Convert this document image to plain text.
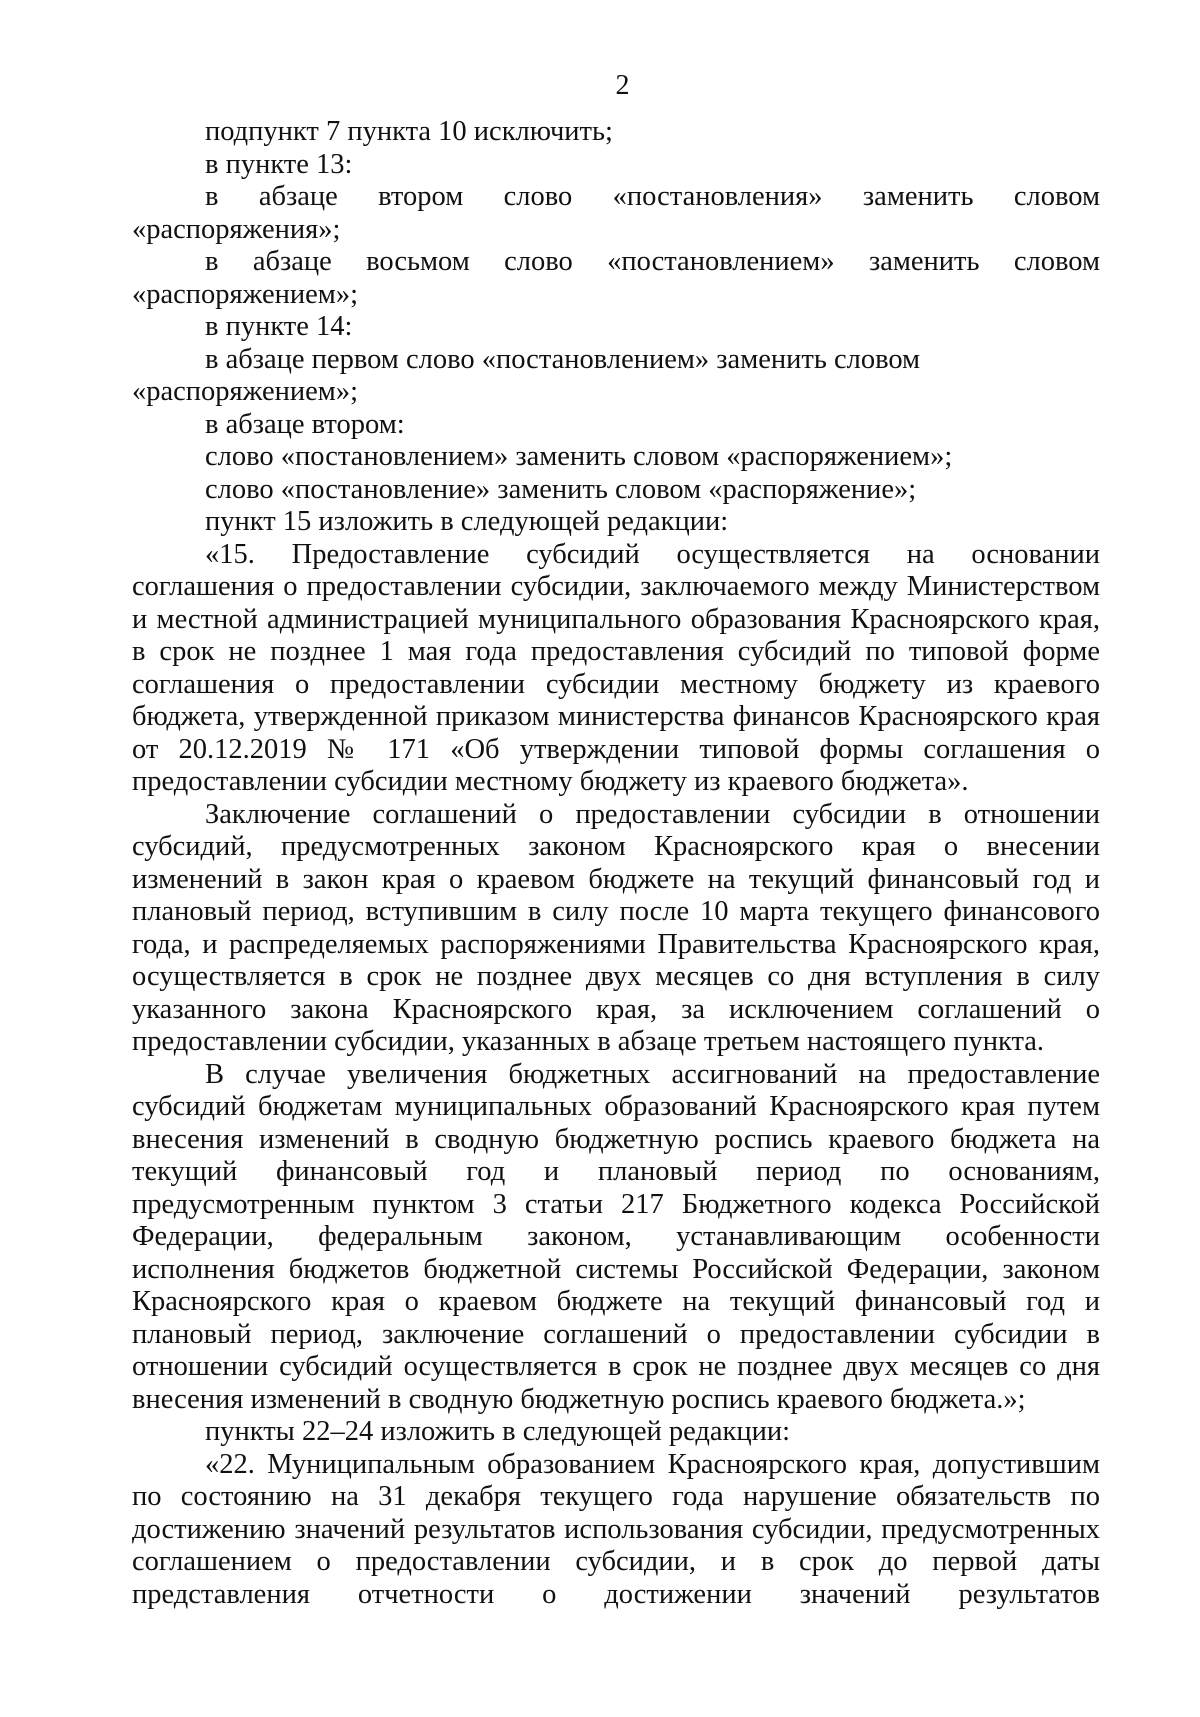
2

подпункт 7 пункта 10 исключить;

в пункте 13:

в абзаце втором слово «постановления» заменить словом «распоряжения»;

в абзаце восьмом слово «постановлением» заменить словом «распоряжением»;

в пункте 14:

в абзаце первом слово «постановлением» заменить словом «распоряжением»;

в абзаце втором:

слово «постановлением» заменить словом «распоряжением»;

слово «постановление» заменить словом «распоряжение»;

пункт 15 изложить в следующей редакции:

«15. Предоставление субсидий осуществляется на основании соглашения о предоставлении субсидии, заключаемого между Министерством и местной администрацией муниципального образования Красноярского края, в срок не позднее 1 мая года предоставления субсидий по типовой форме соглашения о предоставлении субсидии местному бюджету из краевого бюджета, утвержденной приказом министерства финансов Красноярского края от 20.12.2019 № 171 «Об утверждении типовой формы соглашения о предоставлении субсидии местному бюджету из краевого бюджета».

Заключение соглашений о предоставлении субсидии в отношении субсидий, предусмотренных законом Красноярского края о внесении изменений в закон края о краевом бюджете на текущий финансовый год и плановый период, вступившим в силу после 10 марта текущего финансового года, и распределяемых распоряжениями Правительства Красноярского края, осуществляется в срок не позднее двух месяцев со дня вступления в силу указанного закона Красноярского края, за исключением соглашений о предоставлении субсидии, указанных в абзаце третьем настоящего пункта.

В случае увеличения бюджетных ассигнований на предоставление субсидий бюджетам муниципальных образований Красноярского края путем внесения изменений в сводную бюджетную роспись краевого бюджета на текущий финансовый год и плановый период по основаниям, предусмотренным пунктом 3 статьи 217 Бюджетного кодекса Российской Федерации, федеральным законом, устанавливающим особенности исполнения бюджетов бюджетной системы Российской Федерации, законом Красноярского края о краевом бюджете на текущий финансовый год и плановый период, заключение соглашений о предоставлении субсидии в отношении субсидий осуществляется в срок не позднее двух месяцев со дня внесения изменений в сводную бюджетную роспись краевого бюджета.»;

пункты 22–24 изложить в следующей редакции:

«22. Муниципальным образованием Красноярского края, допустившим по состоянию на 31 декабря текущего года нарушение обязательств по достижению значений результатов использования субсидии, предусмотренных соглашением о предоставлении субсидии, и в срок до первой даты представления отчетности о достижении значений результатов
